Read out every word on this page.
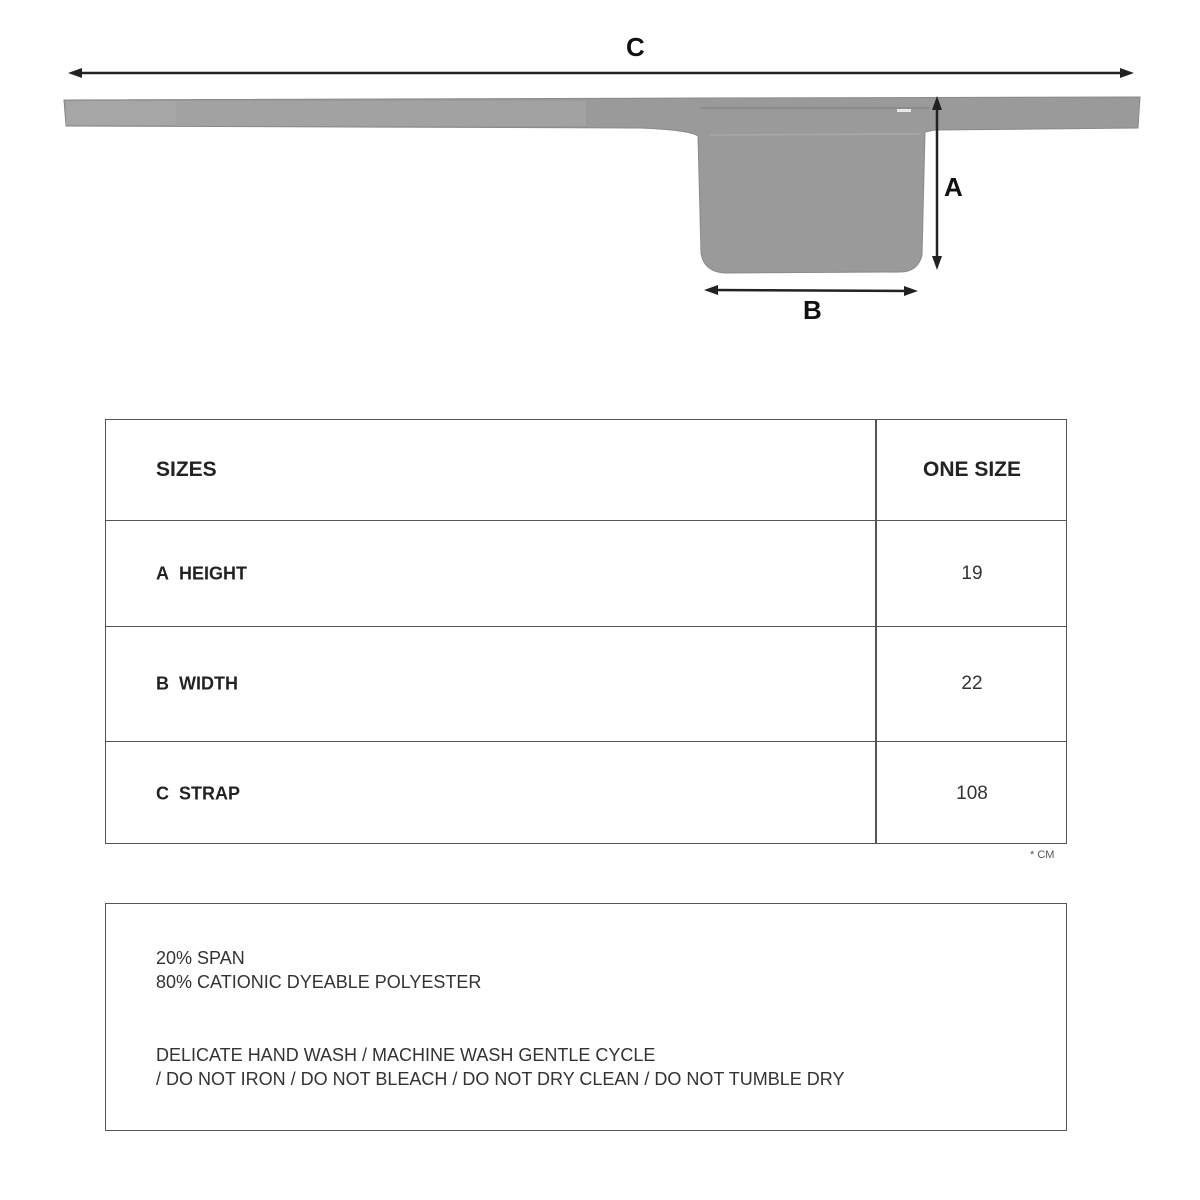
C
A
B
SIZES	ONE SIZE
A HEIGHT	19
B WIDTH	22
C STRAP	108
* CM
20% SPAN
80% CATIONIC DYEABLE POLYESTER
DELICATE HAND WASH / MACHINE WASH GENTLE CYCLE
/ DO NOT IRON / DO NOT BLEACH / DO NOT DRY CLEAN / DO NOT TUMBLE DRY
